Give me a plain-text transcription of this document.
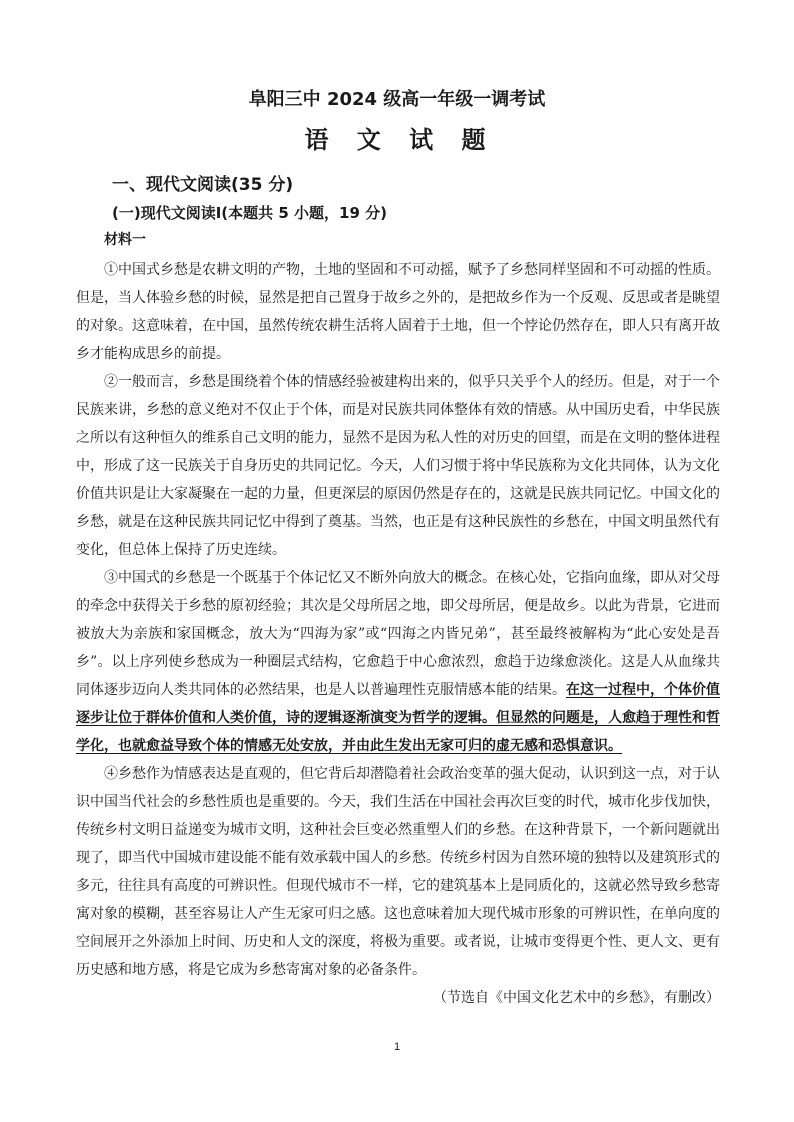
阜阳三中 2024 级高一年级一调考试
语 文 试 题
一、现代文阅读(35 分)
(一)现代文阅读Ⅰ(本题共 5 小题，19 分)
材料一

①中国式乡愁是农耕文明的产物，土地的坚固和不可动摇，赋予了乡愁同样坚固和不可动摇的性质。但是，当人体验乡愁的时候，显然是把自己置身于故乡之外的，是把故乡作为一个反观、反思或者是眺望的对象。这意味着，在中国，虽然传统农耕生活将人固着于土地，但一个悖论仍然存在，即人只有离开故乡才能构成思乡的前提。

②一般而言，乡愁是围绕着个体的情感经验被建构出来的，似乎只关乎个人的经历。但是，对于一个民族来讲，乡愁的意义绝对不仅止于个体，而是对民族共同体整体有效的情感。从中国历史看，中华民族之所以有这种恒久的维系自己文明的能力，显然不是因为私人性的对历史的回望，而是在文明的整体进程中，形成了这一民族关于自身历史的共同记忆。今天，人们习惯于将中华民族称为文化共同体，认为文化价值共识是让大家凝聚在一起的力量，但更深层的原因仍然是存在的，这就是民族共同记忆。中国文化的乡愁，就是在这种民族共同记忆中得到了奠基。当然，也正是有这种民族性的乡愁在，中国文明虽然代有变化，但总体上保持了历史连续。

③中国式的乡愁是一个既基于个体记忆又不断外向放大的概念。在核心处，它指向血缘，即从对父母的牵念中获得关于乡愁的原初经验；其次是父母所居之地，即父母所居，便是故乡。以此为背景，它进而被放大为亲族和家国概念，放大为“四海为家”或“四海之内皆兄弟”，甚至最终被解构为“此心安处是吾乡”。以上序列使乡愁成为一种圈层式结构，它愈趋于中心愈浓烈，愈趋于边缘愈淡化。这是人从血缘共同体逐步迈向人类共同体的必然结果，也是人以普遍理性克服情感本能的结果。在这一过程中，个体价值逐步让位于群体价值和人类价值，诗的逻辑逐渐演变为哲学的逻辑。但显然的问题是，人愈趋于理性和哲学化，也就愈益导致个体的情感无处安放，并由此生发出无家可归的虚无感和恐惧意识。

④乡愁作为情感表达是直观的，但它背后却潜隐着社会政治变革的强大促动，认识到这一点，对于认识中国当代社会的乡愁性质也是重要的。今天，我们生活在中国社会再次巨变的时代，城市化步伐加快，传统乡村文明日益递变为城市文明，这种社会巨变必然重塑人们的乡愁。在这种背景下，一个新问题就出现了，即当代中国城市建设能不能有效承载中国人的乡愁。传统乡村因为自然环境的独特以及建筑形式的多元，往往具有高度的可辨识性。但现代城市不一样，它的建筑基本上是同质化的，这就必然导致乡愁寄寓对象的模糊，甚至容易让人产生无家可归之感。这也意味着加大现代城市形象的可辨识性，在单向度的空间展开之外添加上时间、历史和人文的深度，将极为重要。或者说，让城市变得更个性、更人文、更有历史感和地方感，将是它成为乡愁寄寓对象的必备条件。

（节选自《中国文化艺术中的乡愁》，有删改）
1
